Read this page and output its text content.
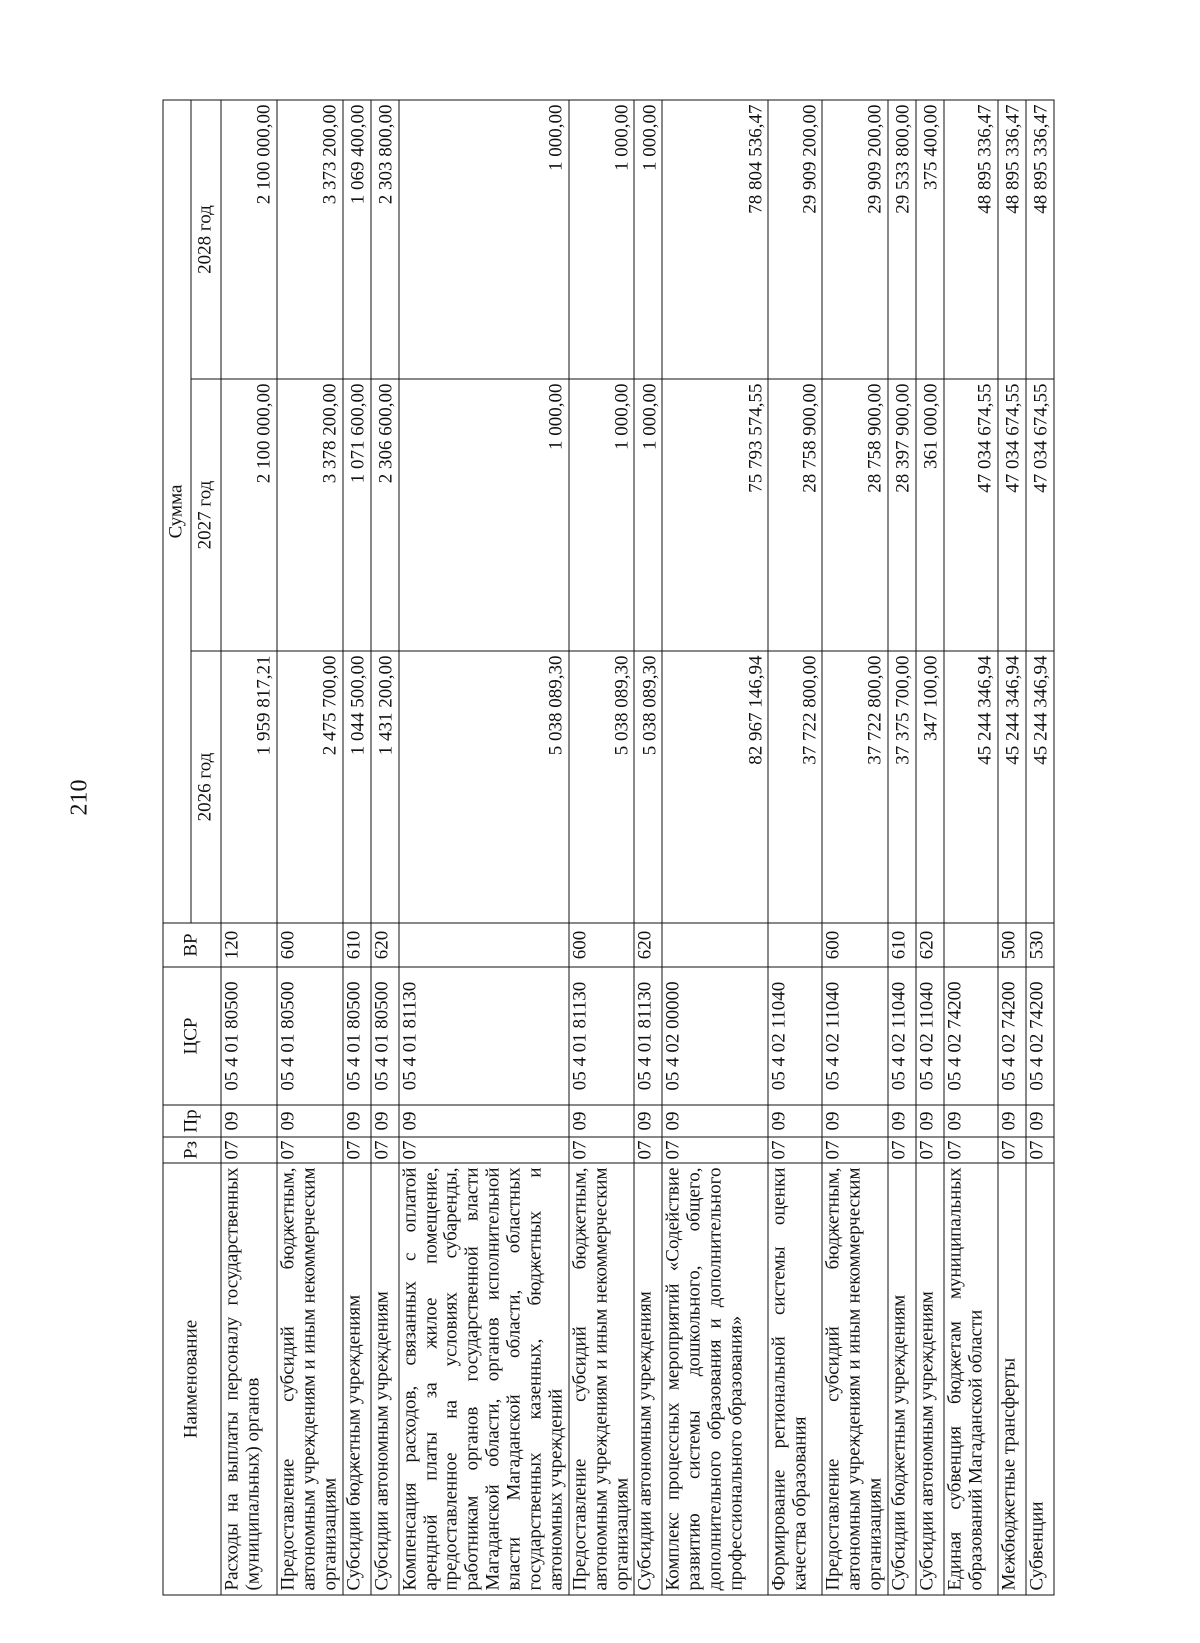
210
Наименование	Рз	Пр	ЦСР	ВР	Сумма		
					2026 год	2027 год	2028 год
Расходы на выплаты персоналу государственных (муниципальных) органов	07	09	05 4 01 80500	120	1 959 817,21	2 100 000,00	2 100 000,00
Предоставление субсидий бюджетным, автономным учреждениям и иным некоммерческим организациям	07	09	05 4 01 80500	600	2 475 700,00	3 378 200,00	3 373 200,00
Субсидии бюджетным учреждениям	07	09	05 4 01 80500	610	1 044 500,00	1 071 600,00	1 069 400,00
Субсидии автономным учреждениям	07	09	05 4 01 80500	620	1 431 200,00	2 306 600,00	2 303 800,00
Компенсация расходов, связанных с оплатой арендной платы за жилое помещение, предоставленное на условиях субаренды, работникам органов государственной власти Магаданской области, органов исполнительной власти Магаданской области, областных государственных казенных, бюджетных и автономных учреждений	07	09	05 4 01 81130		5 038 089,30	1 000,00	1 000,00
Предоставление субсидий бюджетным, автономным учреждениям и иным некоммерческим организациям	07	09	05 4 01 81130	600	5 038 089,30	1 000,00	1 000,00
Субсидии автономным учреждениям	07	09	05 4 01 81130	620	5 038 089,30	1 000,00	1 000,00
Комплекс процессных мероприятий «Содействие развитию системы дошкольного, общего, дополнительного образования и дополнительного профессионального образования»	07	09	05 4 02 00000		82 967 146,94	75 793 574,55	78 804 536,47
Формирование региональной системы оценки качества образования	07	09	05 4 02 11040		37 722 800,00	28 758 900,00	29 909 200,00
Предоставление субсидий бюджетным, автономным учреждениям и иным некоммерческим организациям	07	09	05 4 02 11040	600	37 722 800,00	28 758 900,00	29 909 200,00
Субсидии бюджетным учреждениям	07	09	05 4 02 11040	610	37 375 700,00	28 397 900,00	29 533 800,00
Субсидии автономным учреждениям	07	09	05 4 02 11040	620	347 100,00	361 000,00	375 400,00
Единая субвенция бюджетам муниципальных образований Магаданской области	07	09	05 4 02 74200		45 244 346,94	47 034 674,55	48 895 336,47
Межбюджетные трансферты	07	09	05 4 02 74200	500	45 244 346,94	47 034 674,55	48 895 336,47
Субвенции	07	09	05 4 02 74200	530	45 244 346,94	47 034 674,55	48 895 336,47
